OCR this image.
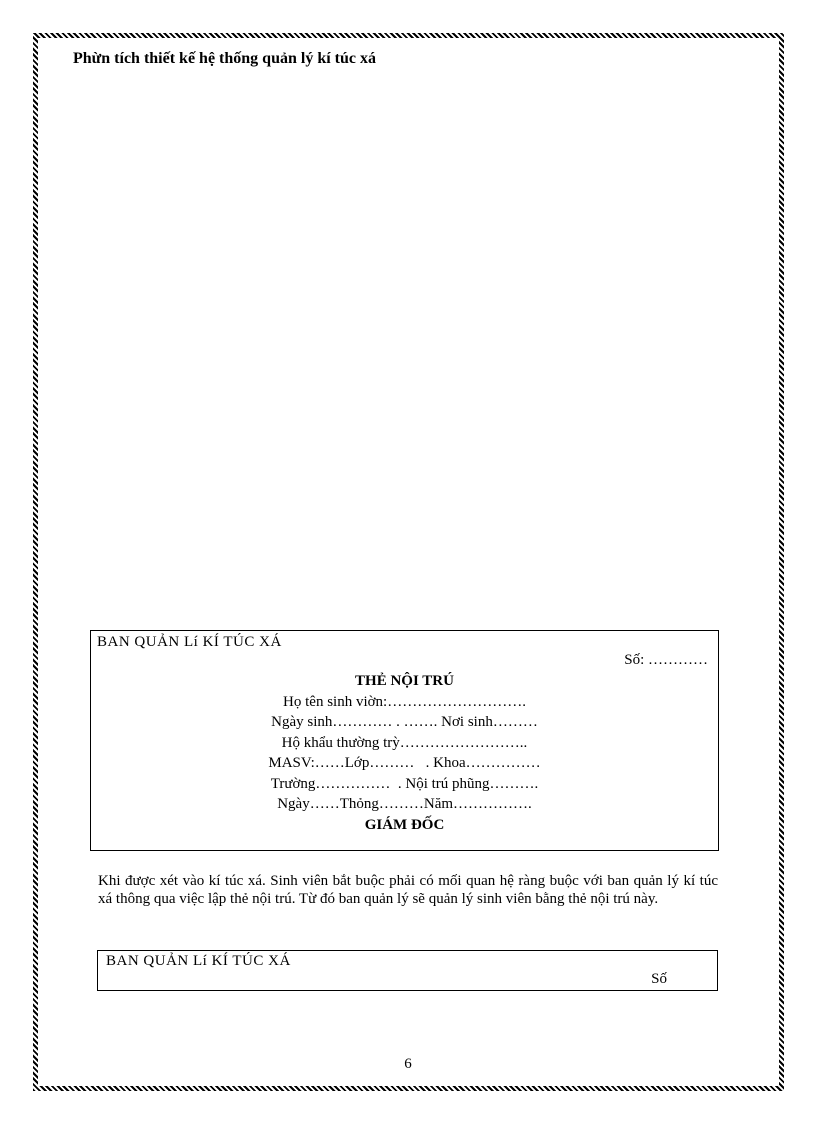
Phừn tích thiết kế hệ thống quản lý kí túc xá
BAN QUẢN Lí KÍ TÚC XÁ
Số: …………
THẺ NỘI TRÚ
Họ tên sinh viờn:……………………….
Ngày sinh………… . ……. Nơi sinh………
Hộ khẩu thường trỳ……………………..
MASV:……Lớp………   . Khoa……………
Trường……………  . Nội trú phũng……….
Ngày……Thỏng………Năm…………….
GIÁM ĐỐC
Khi được xét vào kí túc xá. Sinh viên bắt buộc phải có mối quan hệ ràng buộc với ban quản lý kí túc xá thông qua việc lập thẻ nội trú. Từ đó ban quản lý sẽ quản lý sinh viên bằng thẻ nội trú này.
BAN QUẢN Lí KÍ TÚC XÁ
Số
6
